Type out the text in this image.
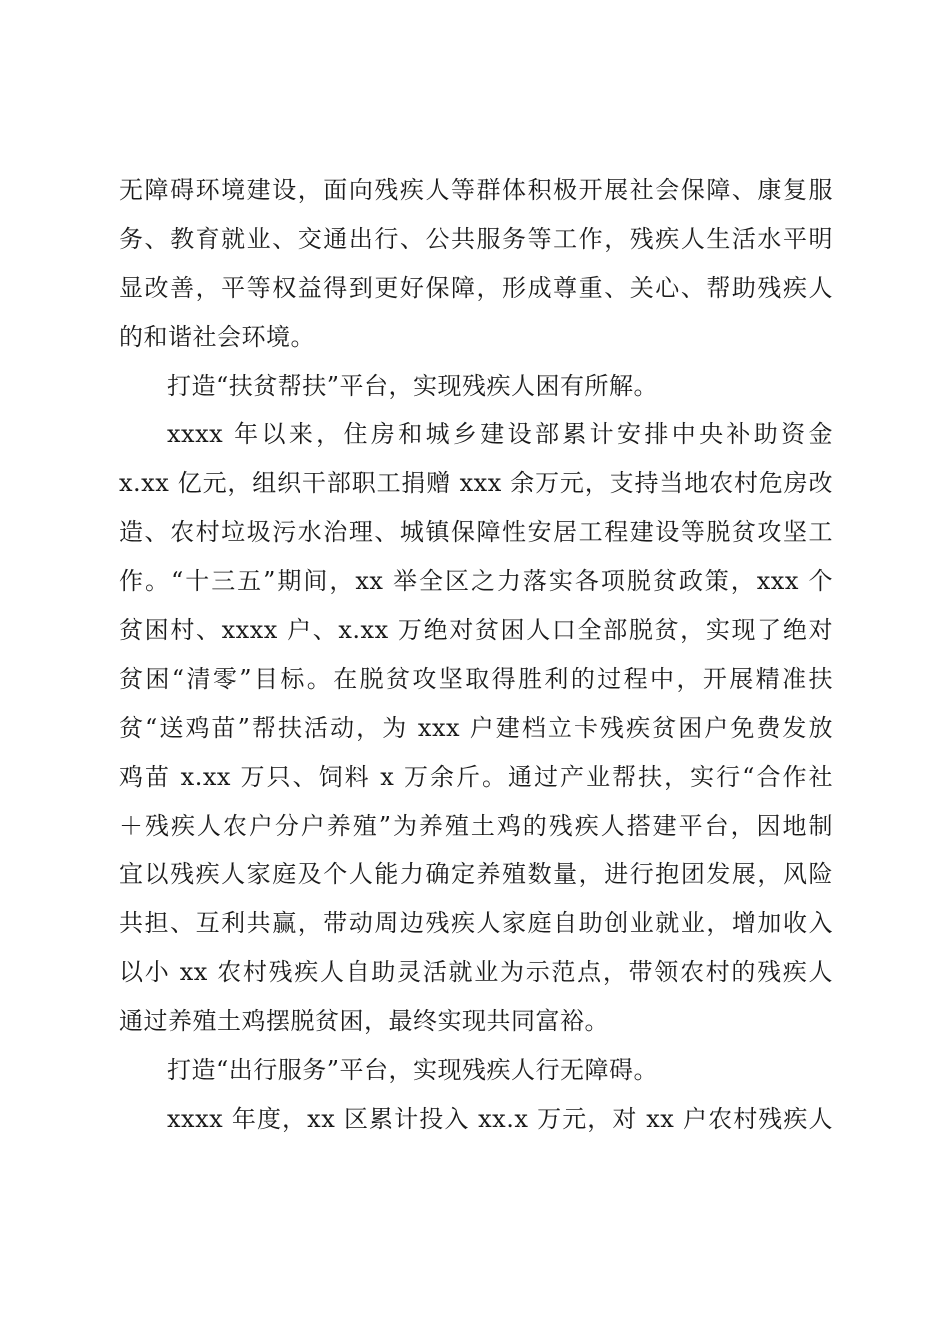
无障碍环境建设，面向残疾人等群体积极开展社会保障、康复服
务、教育就业、交通出行、公共服务等工作，残疾人生活水平明
显改善，平等权益得到更好保障，形成尊重、关心、帮助残疾人
的和谐社会环境。
打造“扶贫帮扶”平台，实现残疾人困有所解。
xxxx 年以来，住房和城乡建设部累计安排中央补助资金
x.xx 亿元，组织干部职工捐赠 xxx 余万元，支持当地农村危房改
造、农村垃圾污水治理、城镇保障性安居工程建设等脱贫攻坚工
作。“十三五”期间，xx 举全区之力落实各项脱贫政策，xxx 个
贫困村、xxxx 户、x.xx 万绝对贫困人口全部脱贫，实现了绝对
贫困“清零”目标。在脱贫攻坚取得胜利的过程中，开展精准扶
贫“送鸡苗”帮扶活动，为 xxx 户建档立卡残疾贫困户免费发放
鸡苗 x.xx 万只、饲料 x 万余斤。通过产业帮扶，实行“合作社
＋残疾人农户分户养殖”为养殖土鸡的残疾人搭建平台，因地制
宜以残疾人家庭及个人能力确定养殖数量，进行抱团发展，风险
共担、互利共赢，带动周边残疾人家庭自助创业就业，增加收入
以小 xx 农村残疾人自助灵活就业为示范点，带领农村的残疾人
通过养殖土鸡摆脱贫困，最终实现共同富裕。
打造“出行服务”平台，实现残疾人行无障碍。
xxxx 年度，xx 区累计投入 xx.x 万元，对 xx 户农村残疾人
